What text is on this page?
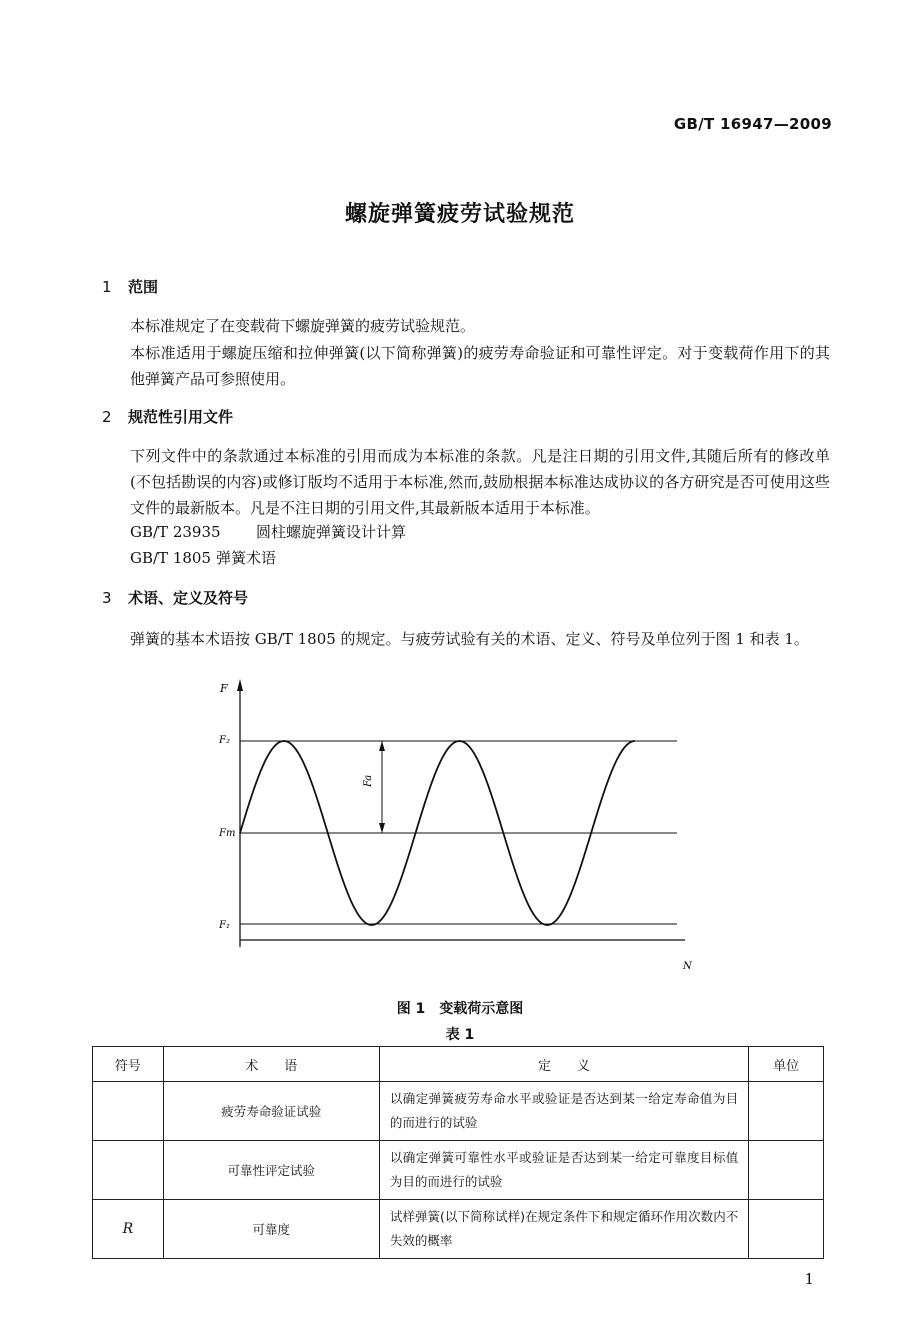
GB/T 16947—2009
螺旋弹簧疲劳试验规范
1 范围
本标准规定了在变载荷下螺旋弹簧的疲劳试验规范。
本标准适用于螺旋压缩和拉伸弹簧(以下简称弹簧)的疲劳寿命验证和可靠性评定。对于变载荷作用下的其他弹簧产品可参照使用。
2 规范性引用文件
下列文件中的条款通过本标准的引用而成为本标准的条款。凡是注日期的引用文件,其随后所有的修改单(不包括勘误的内容)或修订版均不适用于本标准,然而,鼓励根据本标准达成协议的各方研究是否可使用这些文件的最新版本。凡是不注日期的引用文件,其最新版本适用于本标准。
GB/T 23935 圆柱螺旋弹簧设计计算
GB/T 1805 弹簧术语
3 术语、定义及符号
弹簧的基本术语按 GB/T 1805 的规定。与疲劳试验有关的术语、定义、符号及单位列于图 1 和表 1。
F
N
F₂
Fm
F₁
Fa
图 1 变载荷示意图
表 1
符号	术　　语	定　　义	单位
	疲劳寿命验证试验	以确定弹簧疲劳寿命水平或验证是否达到某一给定寿命值为目的而进行的试验	

	可靠性评定试验	以确定弹簧可靠性水平或验证是否达到某一给定可靠度目标值为目的而进行的试验	

R	可靠度	试样弹簧(以下简称试样)在规定条件下和规定循环作用次数内不失效的概率	

1
